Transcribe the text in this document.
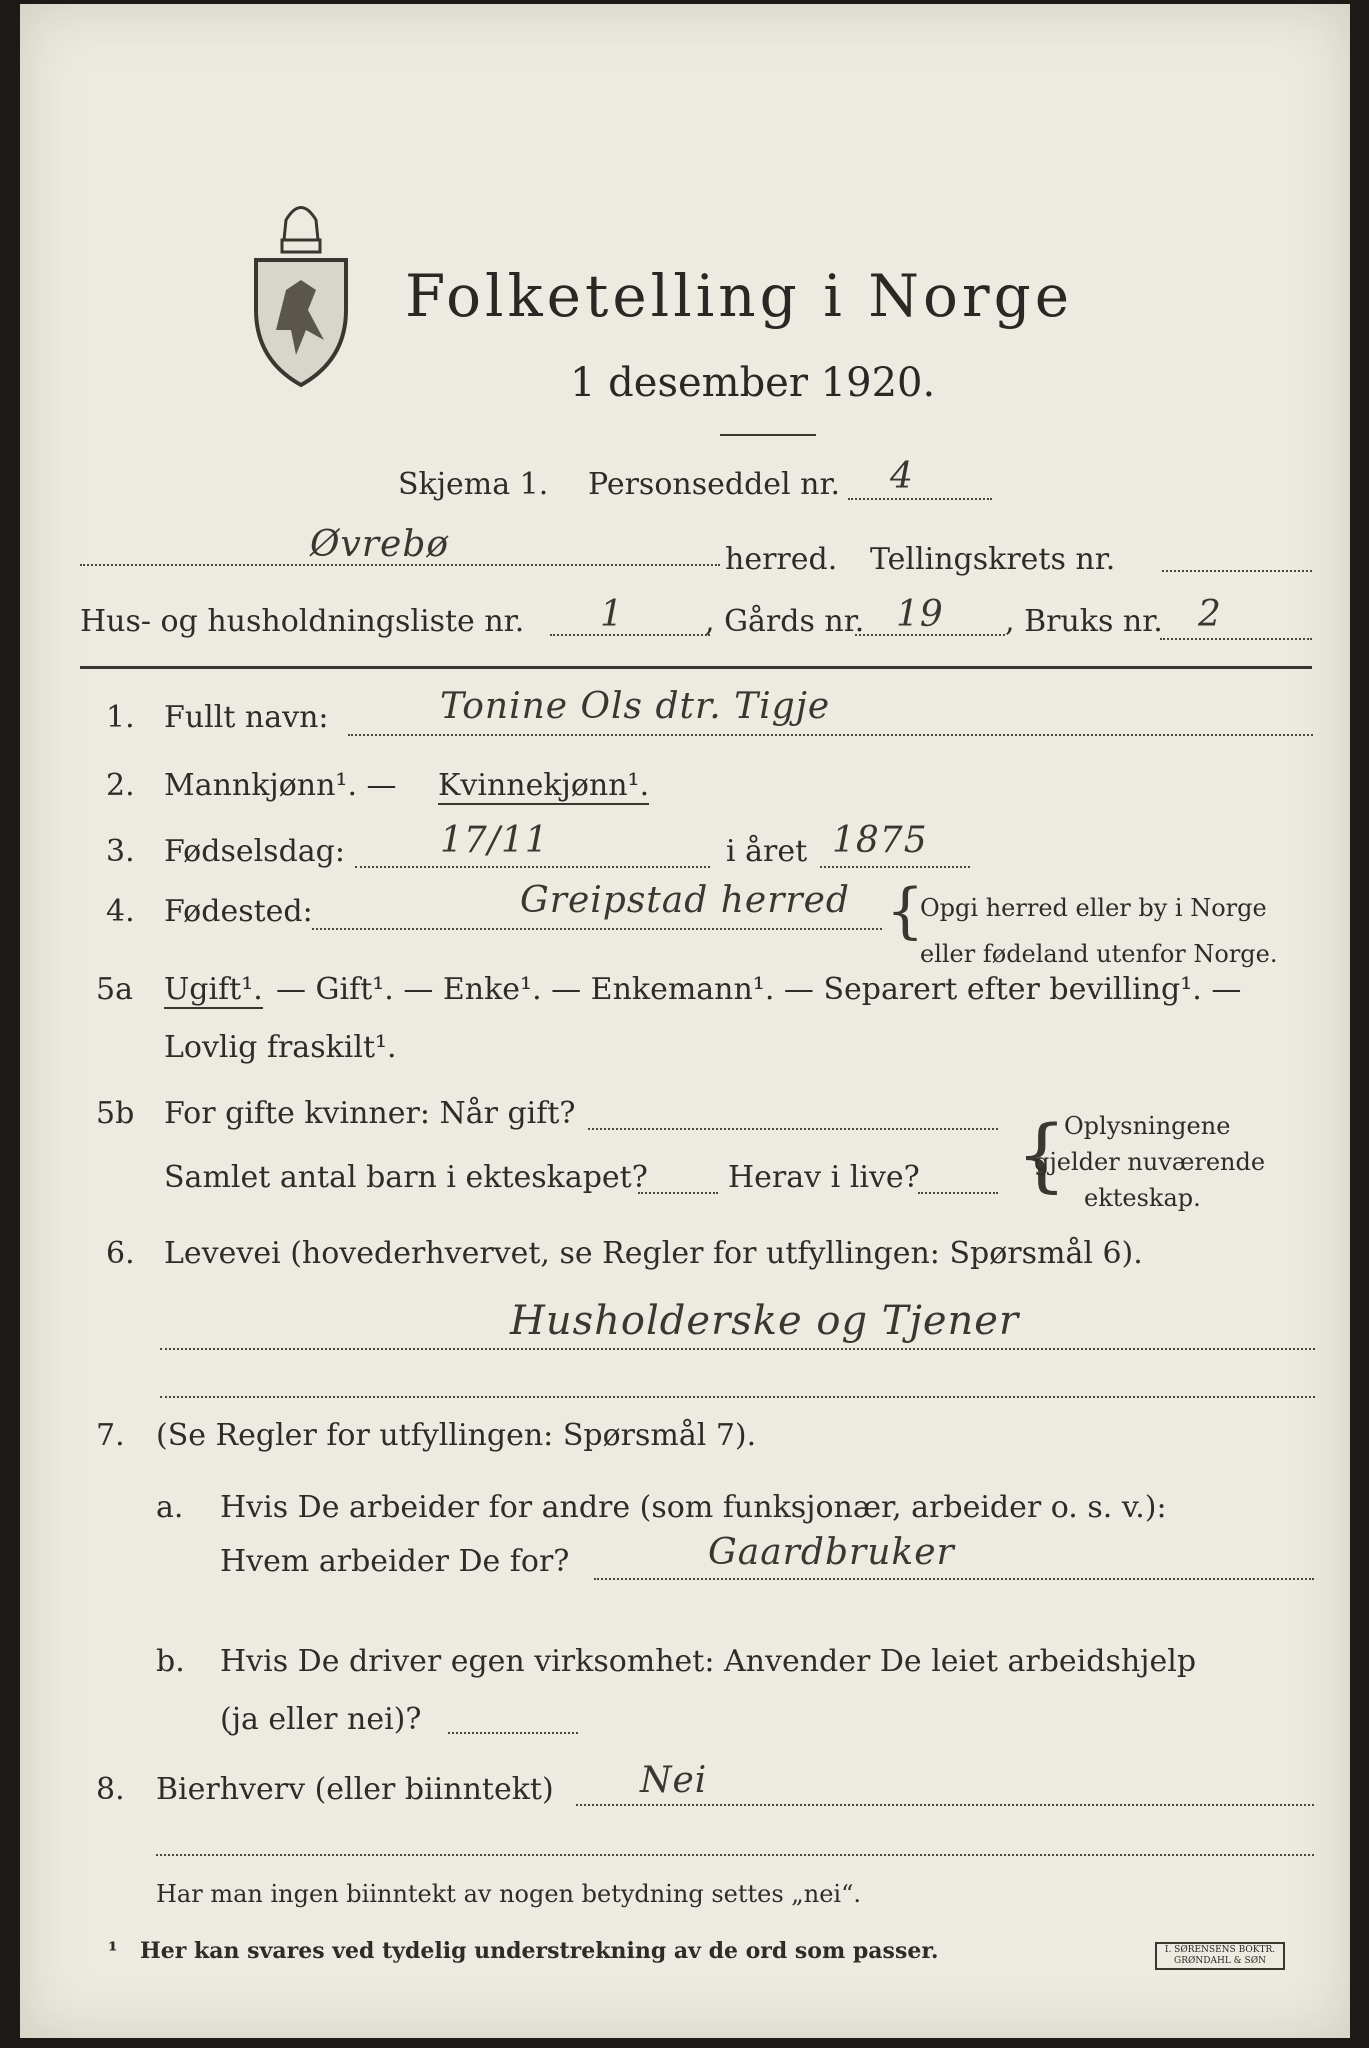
Folketelling i Norge
1 desember 1920.
Skjema 1. Personseddel nr. 4
Øvrebø	herred. Tellingskrets nr.
Hus- og husholdningsliste nr. 1	, Gårds nr. 19 , Bruks nr. 2
1. Fullt navn:	Tonine Ols dtr. Tigje
2. Mannkjønn¹. — Kvinnekjønn¹.
3. Fødselsdag:	17/11	i året 1875
4. Fødested:	Greipstad herred {
Opgi herred eller by i Norge
eller fødeland utenfor Norge.
5a Ugift¹. — Gift¹. — Enke¹. — Enkemann¹. — Separert efter bevilling¹. —
Lovlig fraskilt¹.
5b For gifte kvinner: Når gift?
Samlet antal barn i ekteskapet?	Herav i live? {
Oplysningene
gjelder nuværende
ekteskap.
6. Levevei (hovederhvervet, se Regler for utfyllingen: Spørsmål 6).
Husholderske og Tjener
7. (Se Regler for utfyllingen: Spørsmål 7).
a. Hvis De arbeider for andre (som funksjonær, arbeider o. s. v.):
Hvem arbeider De for?	Gaardbruker
b. Hvis De driver egen virksomhet: Anvender De leiet arbeidshjelp
(ja eller nei)?
8. Bierhverv (eller biinntekt) Nei
Har man ingen biinntekt av nogen betydning settes „nei“.
¹ Her kan svares ved tydelig understrekning av de ord som passer.	I. SØRENSENS BOKTR. GRØNDAHL & SØN
